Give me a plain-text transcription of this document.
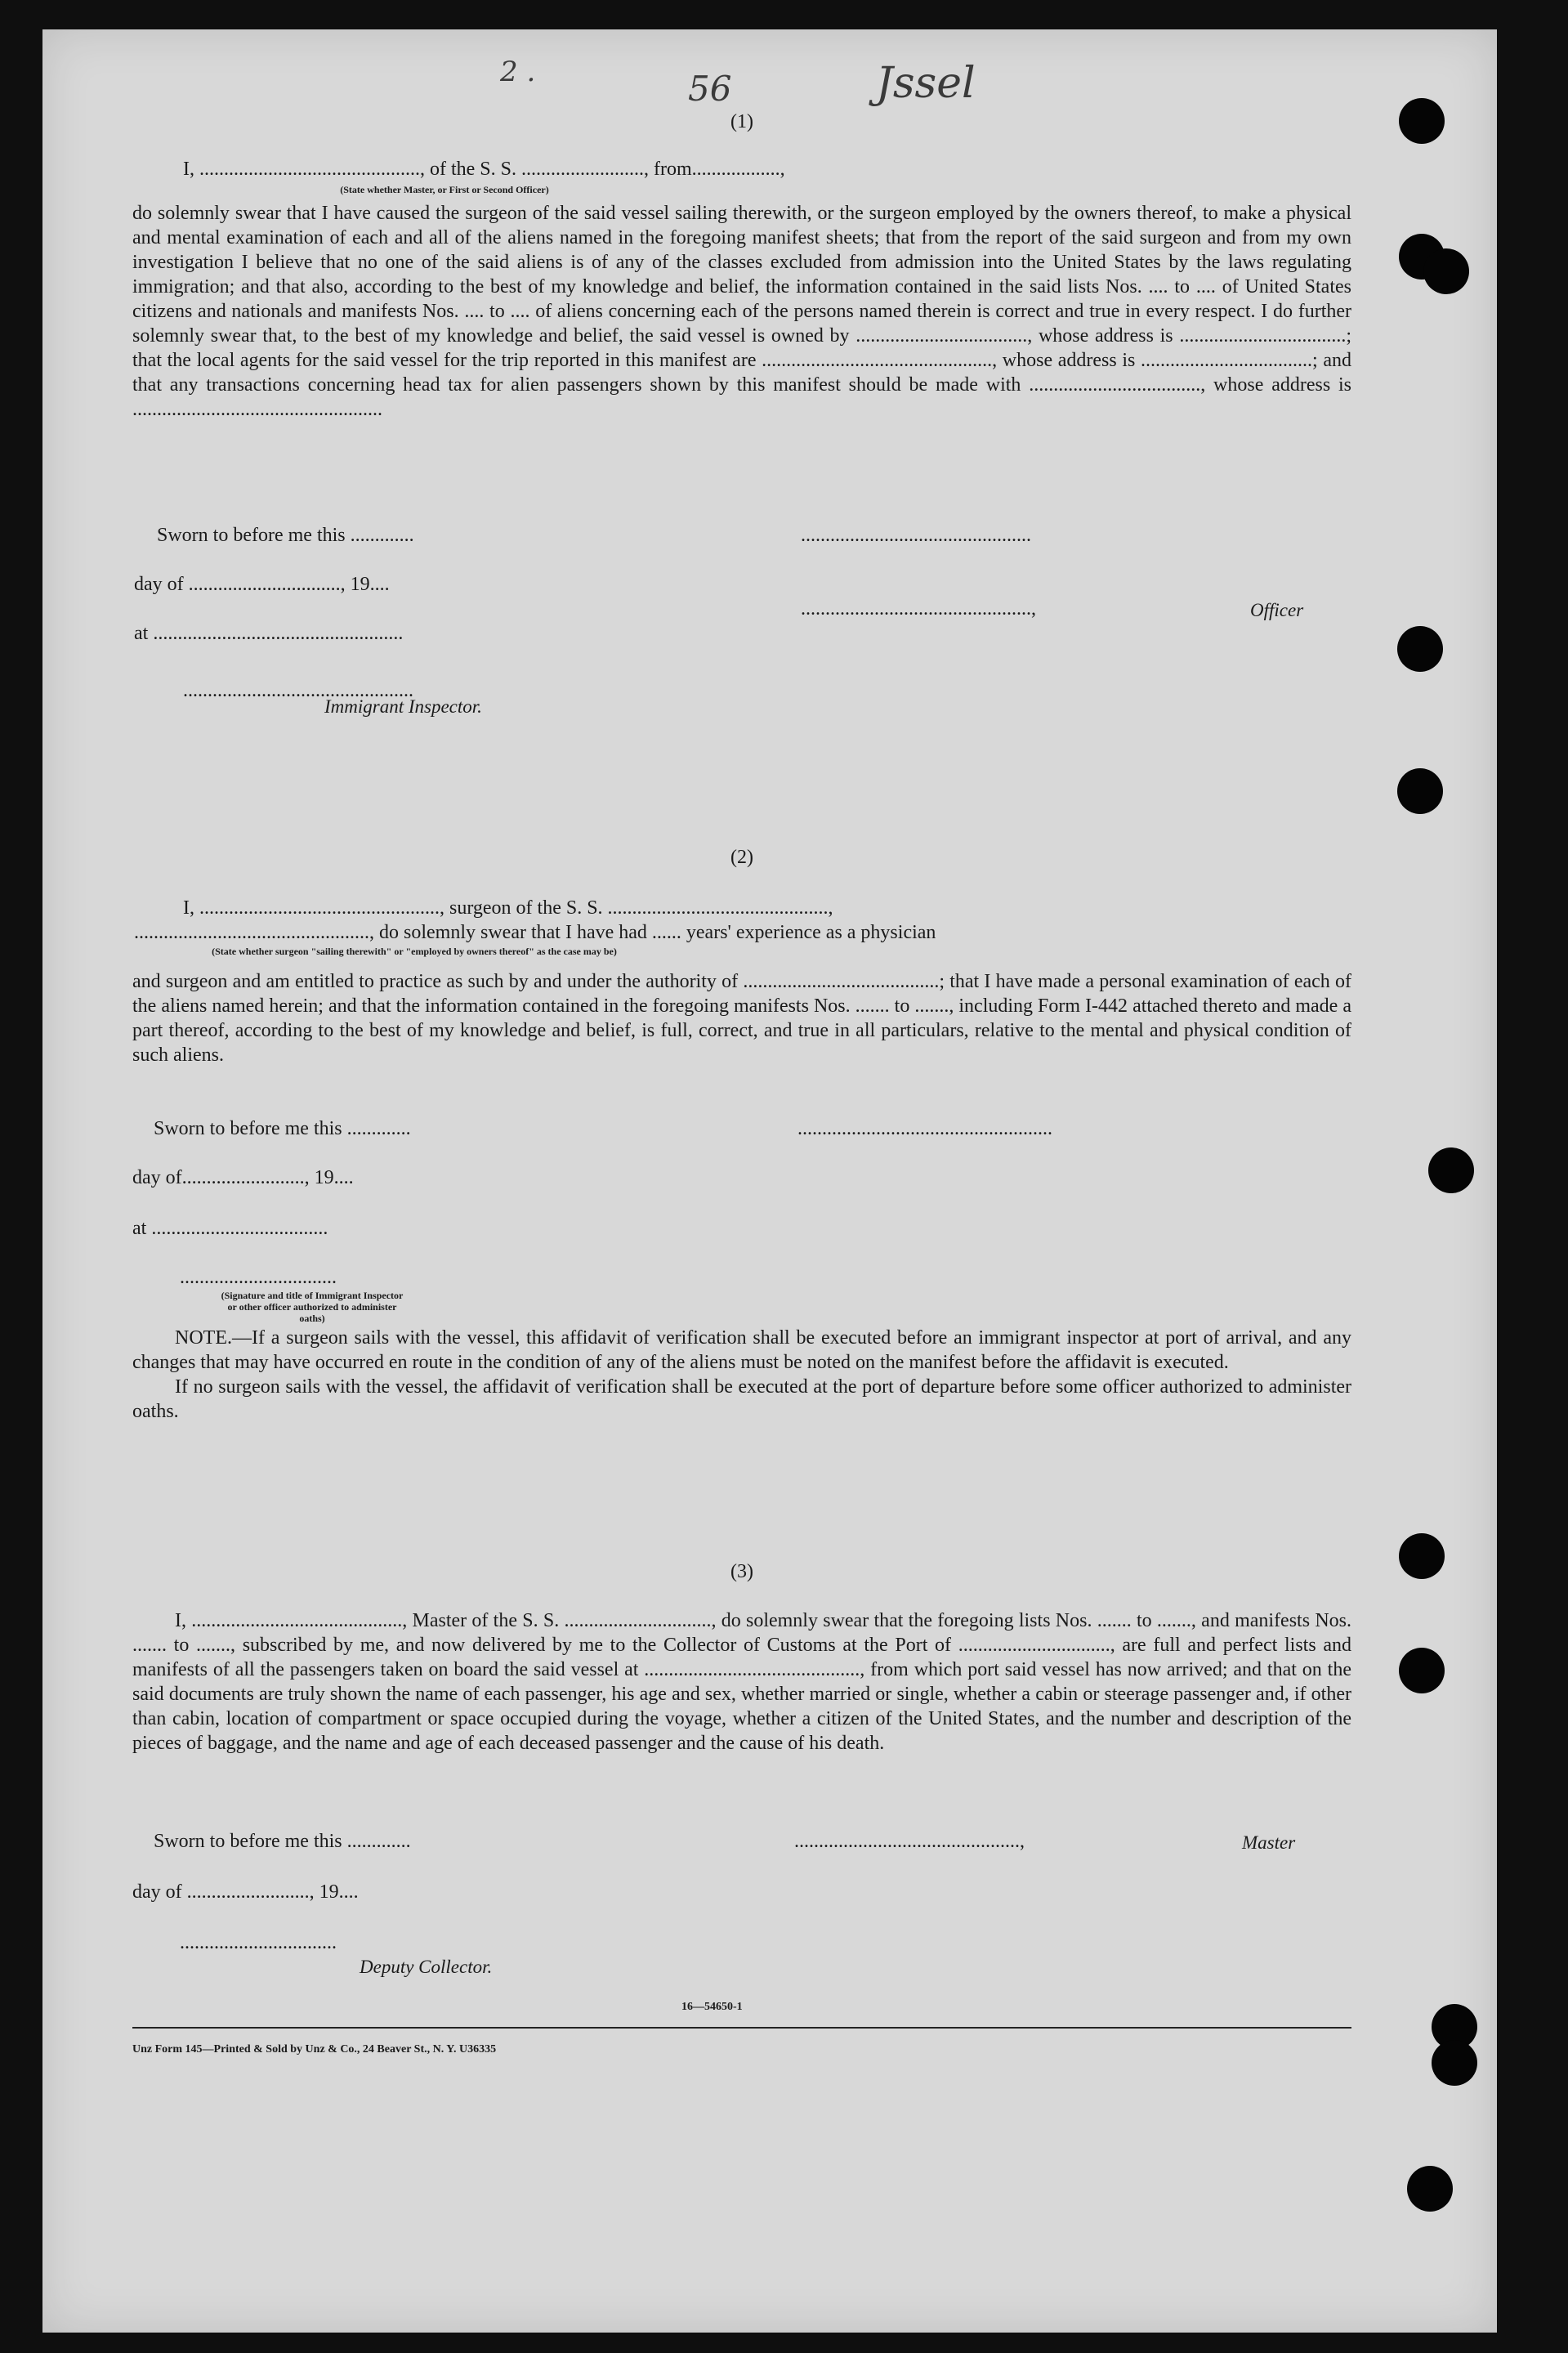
2 .	56	Jssel
(1)
I, ............................................., of the S. S. ........................., from..................,
(State whether Master, or First or Second Officer)

do solemnly swear that I have caused the surgeon of the said vessel sailing therewith, or the surgeon employed by the owners thereof, to make a physical and mental examination of each and all of the aliens named in the foregoing manifest sheets; that from the report of the said surgeon and from my own investigation I believe that no one of the said aliens is of any of the classes excluded from admission into the United States by the laws regulating immigration; and that also, according to the best of my knowledge and belief, the information contained in the said lists Nos. .... to .... of United States citizens and nationals and manifests Nos. .... to .... of aliens concerning each of the persons named therein is correct and true in every respect. I do further solemnly swear that, to the best of my knowledge and belief, the said vessel is owned by ..................................., whose address is ..................................; that the local agents for the said vessel for the trip reported in this manifest are ..............................................., whose address is ...................................; and that any transactions concerning head tax for alien passengers shown by this manifest should be made with ..................................., whose address is ...................................................

Sworn to before me this .............	...............................................
day of ..............................., 19....
...............................................,	Officer
at ...................................................
...............................................
Immigrant Inspector.
(2)
I, ................................................., surgeon of the S. S. .............................................,
................................................, do solemnly swear that I have had ...... years' experience as a physician
(State whether surgeon "sailing therewith" or "employed by owners thereof" as the case may be)

and surgeon and am entitled to practice as such by and under the authority of ........................................; that I have made a personal examination of each of the aliens named herein; and that the information contained in the foregoing manifests Nos. ....... to ......., including Form I-442 attached thereto and made a part thereof, according to the best of my knowledge and belief, is full, correct, and true in all particulars, relative to the mental and physical condition of such aliens.

Sworn to before me this .............	....................................................
day of........................., 19....
at ....................................
................................
(Signature and title of Immigrant Inspector or other officer authorized to administer oaths)

NOTE.—If a surgeon sails with the vessel, this affidavit of verification shall be executed before an immigrant inspector at port of arrival, and any changes that may have occurred en route in the condition of any of the aliens must be noted on the manifest before the affidavit is executed.

If no surgeon sails with the vessel, the affidavit of verification shall be executed at the port of departure before some officer authorized to administer oaths.

(3)

I, ..........................................., Master of the S. S. .............................., do solemnly swear that the foregoing lists Nos. ....... to ......., and manifests Nos. ....... to ......., subscribed by me, and now delivered by me to the Collector of Customs at the Port of ..............................., are full and perfect lists and manifests of all the passengers taken on board the said vessel at ............................................, from which port said vessel has now arrived; and that on the said documents are truly shown the name of each passenger, his age and sex, whether married or single, whether a cabin or steerage passenger and, if other than cabin, location of compartment or space occupied during the voyage, whether a citizen of the United States, and the number and description of the pieces of baggage, and the name and age of each deceased passenger and the cause of his death.

Sworn to before me this .............	..............................................,	Master
day of ........................., 19....
................................
Deputy Collector.
16—54650-1
Unz Form 145—Printed & Sold by Unz & Co., 24 Beaver St., N. Y. U36335
